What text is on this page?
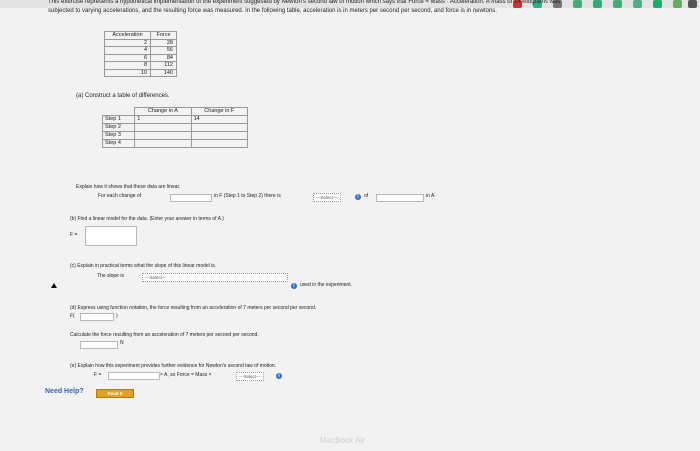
This exercise represents a hypothetical implementation of the experiment suggested by Newton's second law of motion which says that Force = Mass · Acceleration. A mass of 14 kilograms was
subjected to varying accelerations, and the resulting force was measured. In the following table, acceleration is in meters per second per second, and force is in newtons.
Acceleration	Force
2	28
4	56
6	84
8	112
10	140
(a) Construct a table of differences.
	Change in A	Change in F
Step 1	1	14
Step 2		
Step 3		
Step 4		
Explain how it shows that these data are linear.
For each change of	in F (Step 1 to Step 2) there is	---Select---	i	of	in A.
(b) Find a linear model for the data. (Enter your answer in terms of A.)
F =
(c) Explain in practical terms what the slope of this linear model is.
The slope is	---Select---
i	used in the experiment.
(d) Express using function notation, the force resulting from an acceleration of 7 meters per second per second.
F(	)
Calculate the force resulting from an acceleration of 7 meters per second per second.
N
(e) Explain how this experiment provides further evidence for Newton's second law of motion.
F =	× A, so Force = Mass ×	---Select---	i
Need Help?	Read It
MacBook Air
